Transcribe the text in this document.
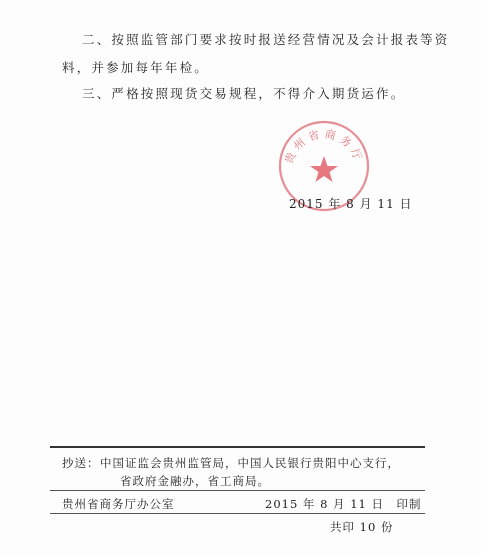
二、按照监管部门要求按时报送经营情况及会计报表等资
料，并参加每年年检。
三、严格按照现货交易规程，不得介入期货运作。
贵州省商务厅
2015 年 8 月 11 日
抄送： 中国证监会贵州监管局，中国人民银行贵阳中心支行，
省政府金融办，省工商局。
贵州省商务厅办公室	2015 年 8 月 11 日　印制
共印 10 份
